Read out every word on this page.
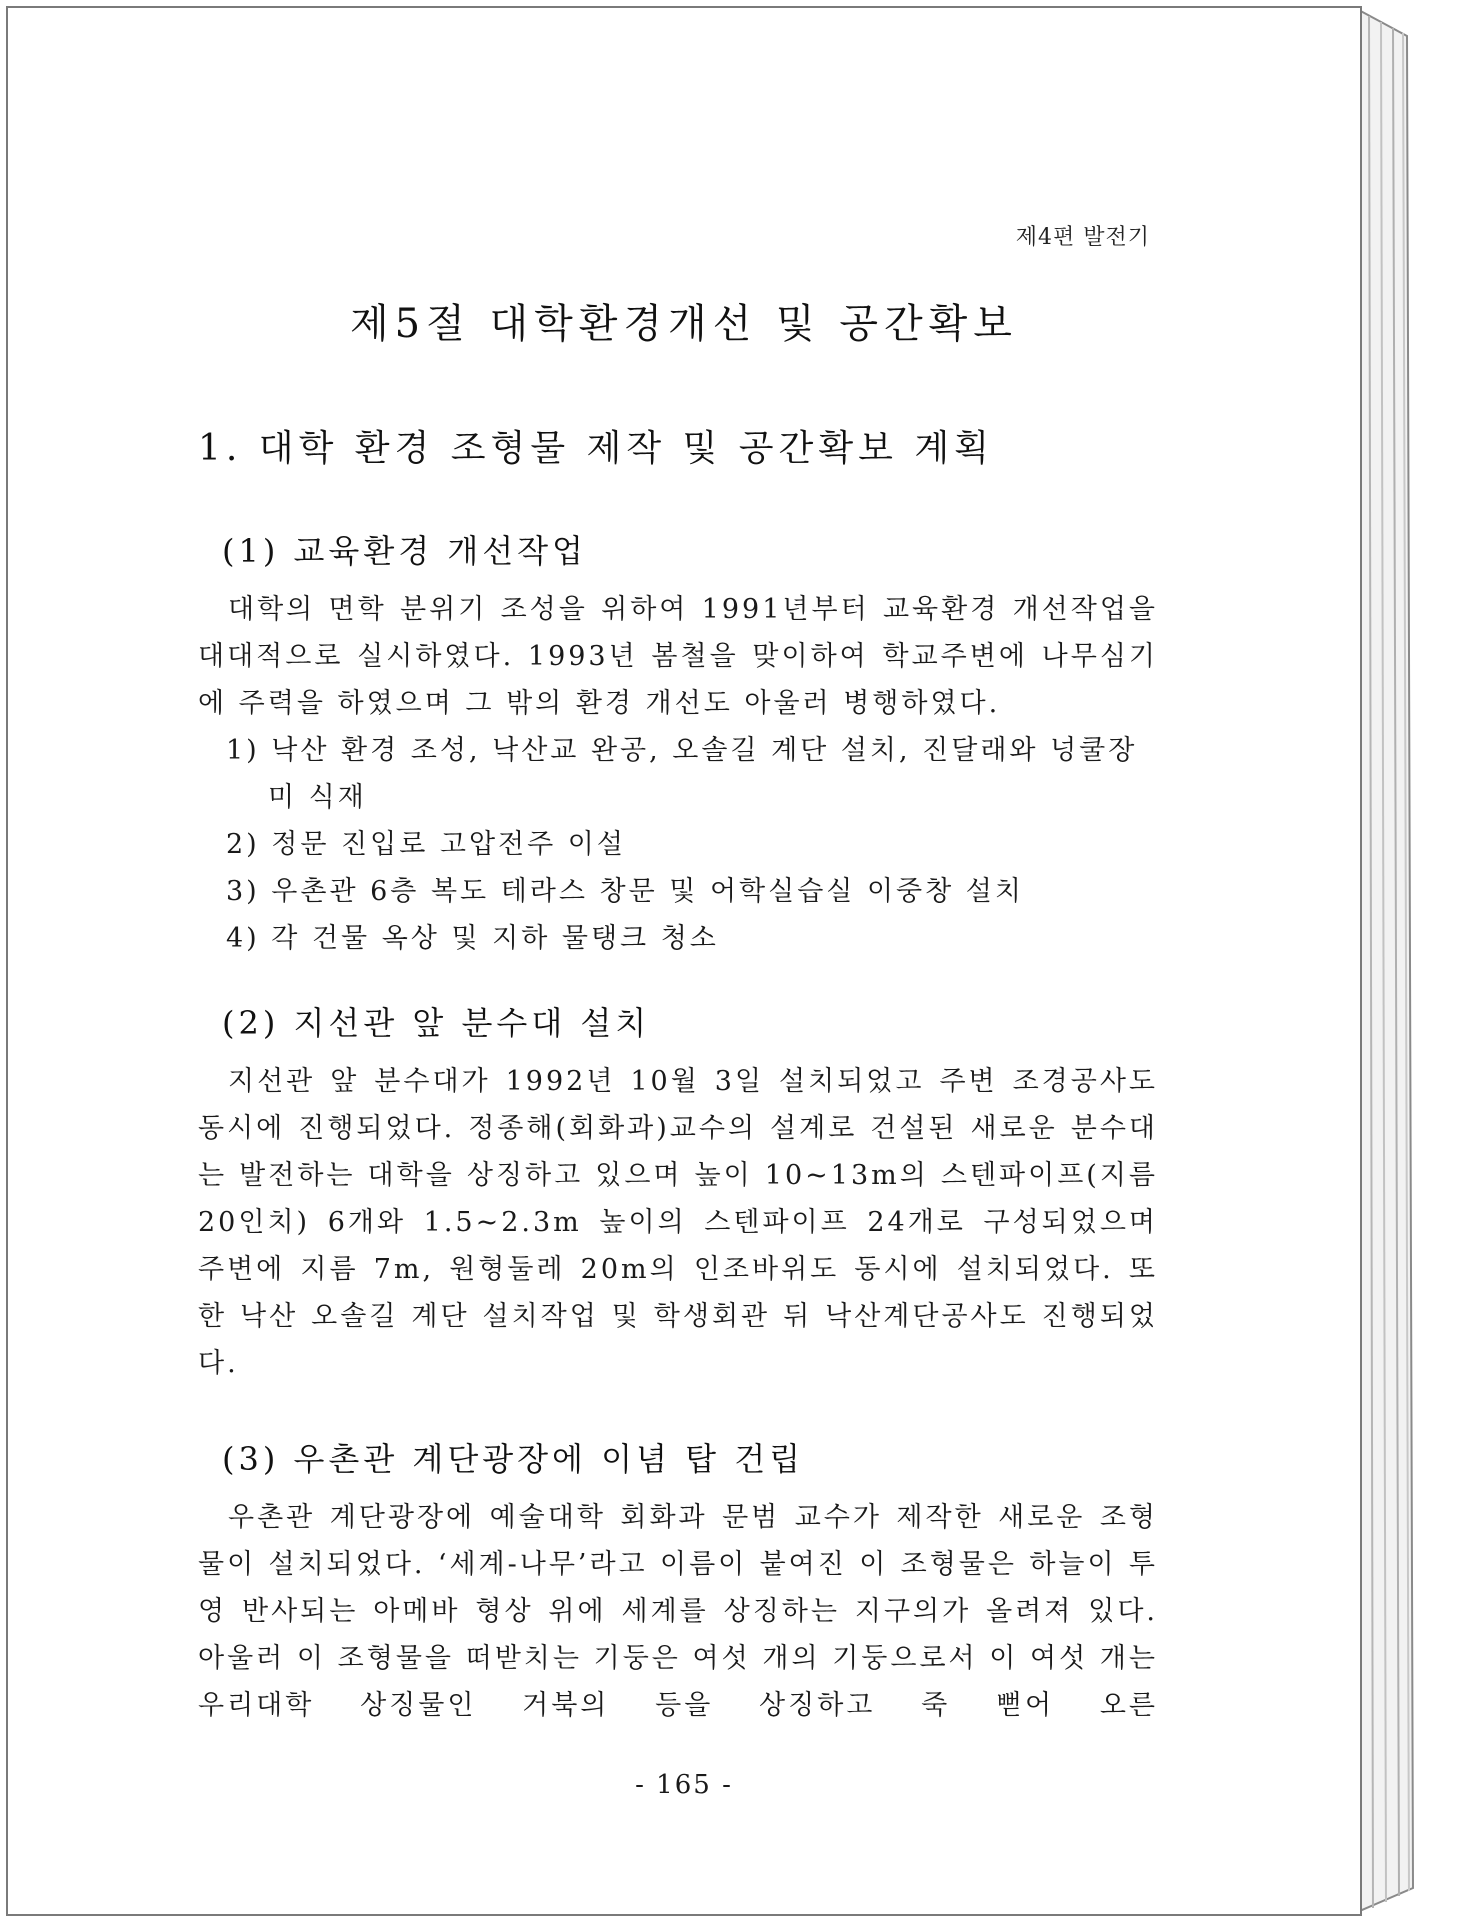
제4편 발전기
제5절 대학환경개선 및 공간확보
1. 대학 환경 조형물 제작 및 공간확보 계획
(1) 교육환경 개선작업

대학의 면학 분위기 조성을 위하여 1991년부터 교육환경 개선작업을 대대적으로 실시하였다. 1993년 봄철을 맞이하여 학교주변에 나무심기에 주력을 하였으며 그 밖의 환경 개선도 아울러 병행하였다.

1) 낙산 환경 조성, 낙산교 완공, 오솔길 계단 설치, 진달래와 넝쿨장미 식재
2) 정문 진입로 고압전주 이설
3) 우촌관 6층 복도 테라스 창문 및 어학실습실 이중창 설치
4) 각 건물 옥상 및 지하 물탱크 청소
(2) 지선관 앞 분수대 설치

지선관 앞 분수대가 1992년 10월 3일 설치되었고 주변 조경공사도 동시에 진행되었다. 정종해(회화과)교수의 설계로 건설된 새로운 분수대는 발전하는 대학을 상징하고 있으며 높이 10~13m의 스텐파이프(지름 20인치) 6개와 1.5~2.3m 높이의 스텐파이프 24개로 구성되었으며 주변에 지름 7m, 원형둘레 20m의 인조바위도 동시에 설치되었다. 또한 낙산 오솔길 계단 설치작업 및 학생회관 뒤 낙산계단공사도 진행되었다.

(3) 우촌관 계단광장에 이념 탑 건립

우촌관 계단광장에 예술대학 회화과 문범 교수가 제작한 새로운 조형물이 설치되었다. ‘세계-나무’라고 이름이 붙여진 이 조형물은 하늘이 투영 반사되는 아메바 형상 위에 세계를 상징하는 지구의가 올려져 있다. 아울러 이 조형물을 떠받치는 기둥은 여섯 개의 기둥으로서 이 여섯 개는 우리대학 상징물인 거북의 등을 상징하고 죽 뻗어 오른

- 165 -
